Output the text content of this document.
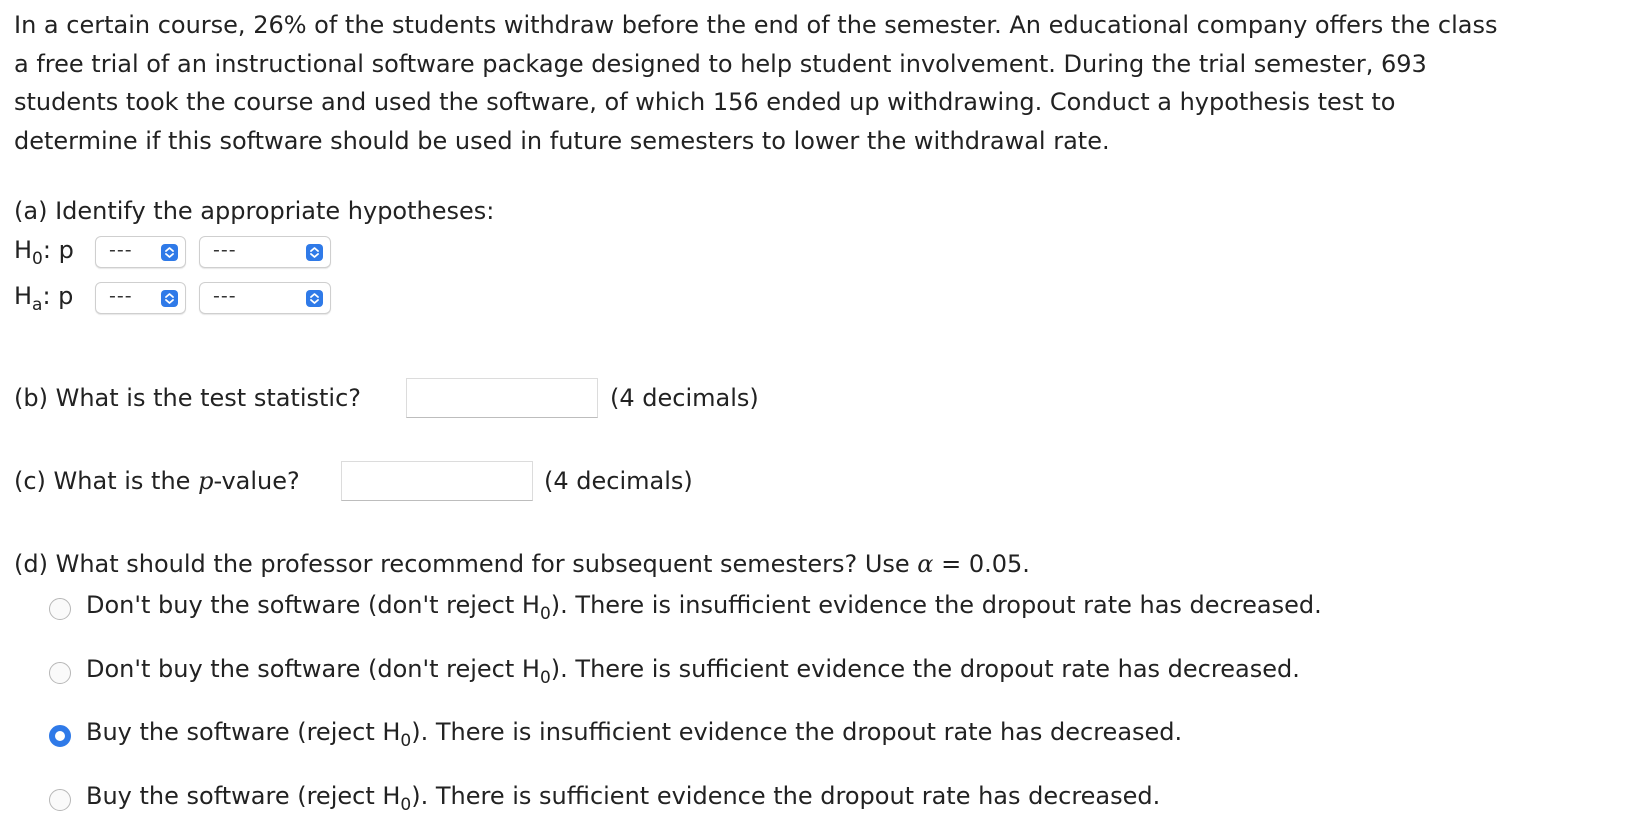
In a certain course, 26% of the students withdraw before the end of the semester. An educational company offers the class
a free trial of an instructional software package designed to help student involvement. During the trial semester, 693
students took the course and used the software, of which 156 ended up withdrawing. Conduct a hypothesis test to
determine if this software should be used in future semesters to lower the withdrawal rate.
(a) Identify the appropriate hypotheses:
$H_0$: p ---	---
$H_a$: p ---	---
(b) What is the test statistic?	(4 decimals)
(c) What is the p-value?	(4 decimals)
(d) What should the professor recommend for subsequent semesters? Use α = 0.05.
Don't buy the software (don't reject $H_0$). There is insufficient evidence the dropout rate has decreased.
Don't buy the software (don't reject $H_0$). There is sufficient evidence the dropout rate has decreased.
Buy the software (reject $H_0$). There is insufficient evidence the dropout rate has decreased.
Buy the software (reject $H_0$). There is sufficient evidence the dropout rate has decreased.
